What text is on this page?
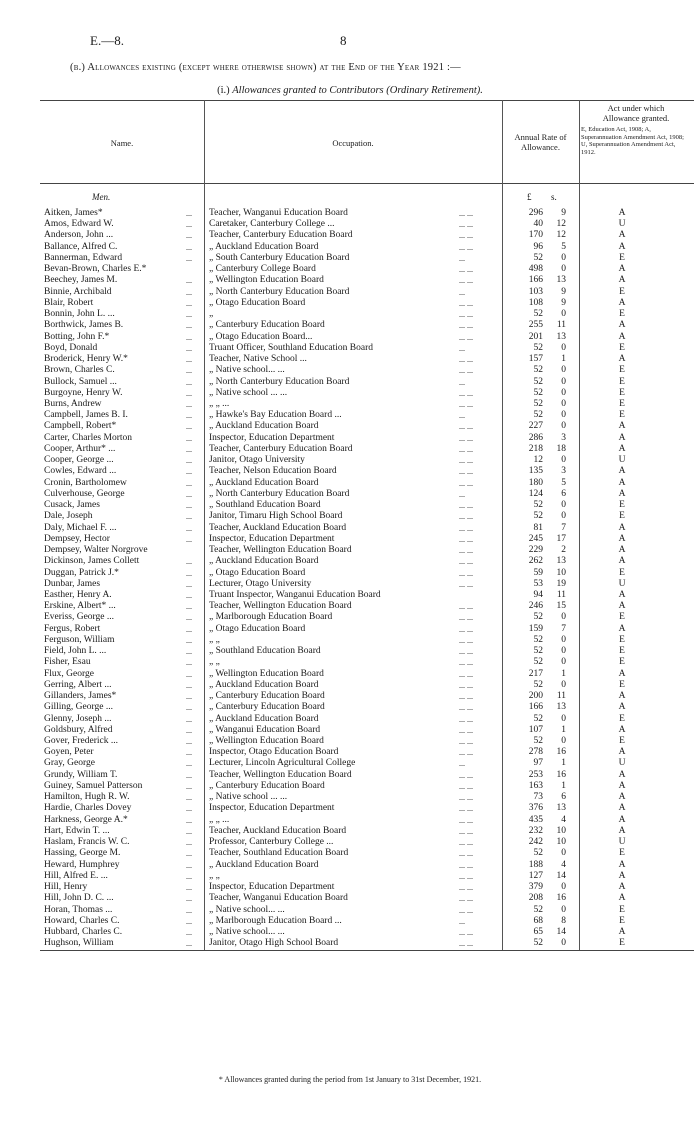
E.—8.	8
(b.) Allowances existing (except where otherwise shown) at the End of the Year 1921 :—
(i.) Allowances granted to Contributors (Ordinary Retirement).
Name.	Occupation.
Annual Rate of
Allowance.
Act under which
Allowance granted.
E, Education Act, 1908; A, Superannuation Amendment Act, 1908; U, Superannuation Amendment Act, 1912.
Men.	£ s.
Aitken, James*	... Teacher, Wanganui Education Board	... ...	296	9	A
Amos, Edward W.	... Caretaker, Canterbury College ...	... ...	40	12	U
Anderson, John ...	... Teacher, Canterbury Education Board	... ...	170	12	A
Ballance, Alfred C.	... „ Auckland Education Board	... ...	96	5	A
Bannerman, Edward	... „ South Canterbury Education Board	...	52	0	E
Bevan-Brown, Charles E.*	„ Canterbury College Board	... ...	498	0	A
Beechey, James M.	... „ Wellington Education Board	... ...	166	13	A
Binnie, Archibald	... „ North Canterbury Education Board	...	103	9	E
Blair, Robert	... „ Otago Education Board	... ...	108	9	A
Bonnin, John L. ...	... „	... ...	52	0	E
Borthwick, James B.	... „ Canterbury Education Board	... ...	255	11	A
Botting, John F.*	... „ Otago Education Board...	... ...	201	13	A
Boyd, Donald	... Truant Officer, Southland Education Board	...	52	0	E
Broderick, Henry W.*	... Teacher, Native School ...	... ...	157	1	A
Brown, Charles C.	... „ Native school... ...	... ...	52	0	E
Bullock, Samuel ...	... „ North Canterbury Education Board	...	52	0	E
Burgoyne, Henry W.	... „ Native school ... ...	... ...	52	0	E
Burns, Andrew	... „ „ ...	... ...	52	0	E
Campbell, James B. I.	... „ Hawke's Bay Education Board ...	...	52	0	E
Campbell, Robert*	... „ Auckland Education Board	... ...	227	0	A
Carter, Charles Morton	... Inspector, Education Department	... ...	286	3	A
Cooper, Arthur* ...	... Teacher, Canterbury Education Board	... ...	218	18	A
Cooper, George ...	... Janitor, Otago University	... ...	12	0	U
Cowles, Edward ...	... Teacher, Nelson Education Board	... ...	135	3	A
Cronin, Bartholomew	... „ Auckland Education Board	... ...	180	5	A
Culverhouse, George	... „ North Canterbury Education Board	...	124	6	A
Cusack, James	... „ Southland Education Board	... ...	52	0	E
Dale, Joseph	... Janitor, Timaru High School Board	... ...	52	0	E
Daly, Michael F. ...	... Teacher, Auckland Education Board	... ...	81	7	A
Dempsey, Hector	... Inspector, Education Department	... ...	245	17	A
Dempsey, Walter Norgrove	Teacher, Wellington Education Board	... ...	229	2	A
Dickinson, James Collett	... „ Auckland Education Board	... ...	262	13	A
Duggan, Patrick J.*	... „ Otago Education Board	... ...	59	10	E
Dunbar, James	... Lecturer, Otago University	... ...	53	19	U
Easther, Henry A.	... Truant Inspector, Wanganui Education Board	94	11	A
Erskine, Albert* ...	... Teacher, Wellington Education Board	... ...	246	15	A
Everiss, George ...	... „ Marlborough Education Board	... ...	52	0	E
Fergus, Robert	... „ Otago Education Board	... ...	159	7	A
Ferguson, William	... „ „	... ...	52	0	E
Field, John L. ...	... „ Southland Education Board	... ...	52	0	E
Fisher, Esau	... „ „	... ...	52	0	E
Flux, George	... „ Wellington Education Board	... ...	217	1	A
Gerring, Albert ...	... „ Auckland Education Board	... ...	52	0	E
Gillanders, James*	... „ Canterbury Education Board	... ...	200	11	A
Gilling, George ...	... „ Canterbury Education Board	... ...	166	13	A
Glenny, Joseph ...	... „ Auckland Education Board	... ...	52	0	E
Goldsbury, Alfred	... „ Wanganui Education Board	... ...	107	1	A
Gover, Frederick ...	... „ Wellington Education Board	... ...	52	0	E
Goyen, Peter	... Inspector, Otago Education Board	... ...	278	16	A
Gray, George	... Lecturer, Lincoln Agricultural College	...	97	1	U
Grundy, William T.	... Teacher, Wellington Education Board	... ...	253	16	A
Guiney, Samuel Patterson	... „ Canterbury Education Board	... ...	163	1	A
Hamilton, Hugh R. W.	... „ Native school ... ...	... ...	73	6	A
Hardie, Charles Dovey	... Inspector, Education Department	... ...	376	13	A
Harkness, George A.*	... „ „ ...	... ...	435	4	A
Hart, Edwin T. ...	... Teacher, Auckland Education Board	... ...	232	10	A
Haslam, Francis W. C.	... Professor, Canterbury College ...	... ...	242	10	U
Hassing, George M.	... Teacher, Southland Education Board	... ...	52	0	E
Heward, Humphrey	... „ Auckland Education Board	... ...	188	4	A
Hill, Alfred E. ...	... „ „	... ...	127	14	A
Hill, Henry	... Inspector, Education Department	... ...	379	0	A
Hill, John D. C. ...	... Teacher, Wanganui Education Board	... ...	208	16	A
Horan, Thomas ...	... „ Native school... ...	... ...	52	0	E
Howard, Charles C.	... „ Marlborough Education Board ...	...	68	8	E
Hubbard, Charles C.	... „ Native school... ...	... ...	65	14	A
Hughson, William	... Janitor, Otago High School Board	... ...	52	0	E
* Allowances granted during the period from 1st January to 31st December, 1921.
